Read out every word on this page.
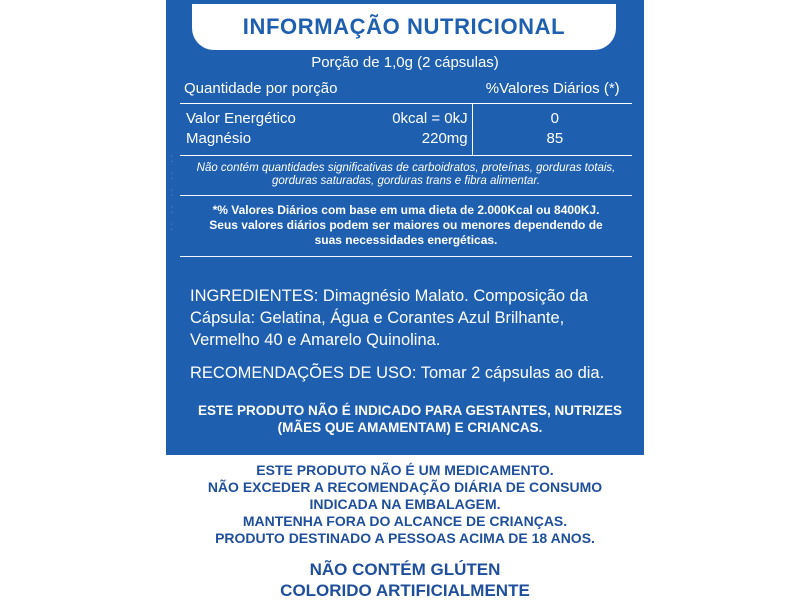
INFORMAÇÃO NUTRICIONAL
Porção de 1,0g (2 cápsulas)
Quantidade por porção	%Valores Diários (*)
Valor Energético	0kcal = 0kJ	0
Magnésio	220mg	85
Não contém quantidades significativas de carboidratos, proteínas, gorduras totais, gorduras saturadas, gorduras trans e fibra alimentar.
*% Valores Diários com base em uma dieta de 2.000Kcal ou 8400KJ. Seus valores diários podem ser maiores ou menores dependendo de suas necessidades energéticas.
:
:
:
:
:
INGREDIENTES: Dimagnésio Malato. Composição da Cápsula: Gelatina, Água e Corantes Azul Brilhante, Vermelho 40 e Amarelo Quinolina.
RECOMENDAÇÕES DE USO: Tomar 2 cápsulas ao dia.
ESTE PRODUTO NÃO É INDICADO PARA GESTANTES, NUTRIZES
(MÃES QUE AMAMENTAM) E CRIANCAS.
ESTE PRODUTO NÃO É UM MEDICAMENTO.
NÃO EXCEDER A RECOMENDAÇÃO DIÁRIA DE CONSUMO
INDICADA NA EMBALAGEM.
MANTENHA FORA DO ALCANCE DE CRIANÇAS.
PRODUTO DESTINADO A PESSOAS ACIMA DE 18 ANOS.
NÃO CONTÉM GLÚTEN
COLORIDO ARTIFICIALMENTE
